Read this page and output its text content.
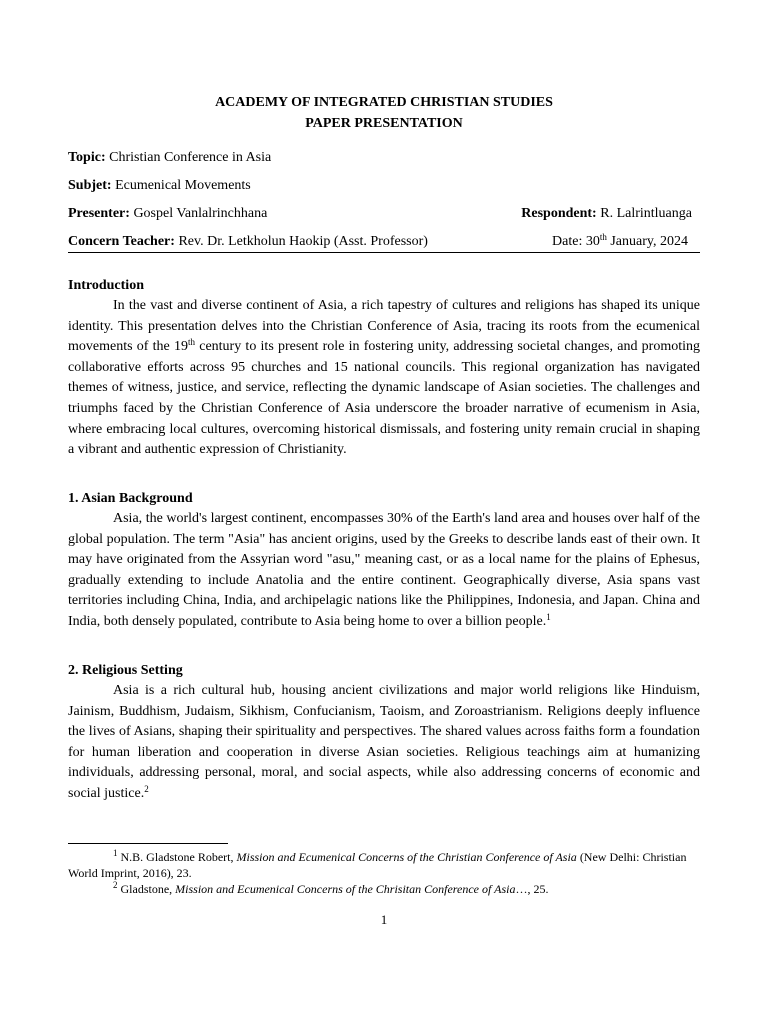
ACADEMY OF INTEGRATED CHRISTIAN STUDIES
PAPER PRESENTATION
Topic: Christian Conference in Asia
Subjet: Ecumenical Movements
Presenter: Gospel Vanlalrinchhana	Respondent: R. Lalrintluanga
Concern Teacher: Rev. Dr. Letkholun Haokip (Asst. Professor)	Date: 30th January, 2024
Introduction

In the vast and diverse continent of Asia, a rich tapestry of cultures and religions has shaped its unique identity. This presentation delves into the Christian Conference of Asia, tracing its roots from the ecumenical movements of the 19th century to its present role in fostering unity, addressing societal changes, and promoting collaborative efforts across 95 churches and 15 national councils. This regional organization has navigated themes of witness, justice, and service, reflecting the dynamic landscape of Asian societies. The challenges and triumphs faced by the Christian Conference of Asia underscore the broader narrative of ecumenism in Asia, where embracing local cultures, overcoming historical dismissals, and fostering unity remain crucial in shaping a vibrant and authentic expression of Christianity.

1. Asian Background

Asia, the world's largest continent, encompasses 30% of the Earth's land area and houses over half of the global population. The term "Asia" has ancient origins, used by the Greeks to describe lands east of their own. It may have originated from the Assyrian word "asu," meaning cast, or as a local name for the plains of Ephesus, gradually extending to include Anatolia and the entire continent. Geographically diverse, Asia spans vast territories including China, India, and archipelagic nations like the Philippines, Indonesia, and Japan. China and India, both densely populated, contribute to Asia being home to over a billion people.$^1$

2. Religious Setting

Asia is a rich cultural hub, housing ancient civilizations and major world religions like Hinduism, Jainism, Buddhism, Judaism, Sikhism, Confucianism, Taoism, and Zoroastrianism. Religions deeply influence the lives of Asians, shaping their spirituality and perspectives. The shared values across faiths form a foundation for human liberation and cooperation in diverse Asian societies. Religious teachings aim at humanizing individuals, addressing personal, moral, and social aspects, while also addressing concerns of economic and social justice.$^2$

$^1$ N.B. Gladstone Robert, Mission and Ecumenical Concerns of the Christian Conference of Asia (New Delhi: Christian World Imprint, 2016), 23.

$^2$ Gladstone, Mission and Ecumenical Concerns of the Chrisitan Conference of Asia…, 25.

1
